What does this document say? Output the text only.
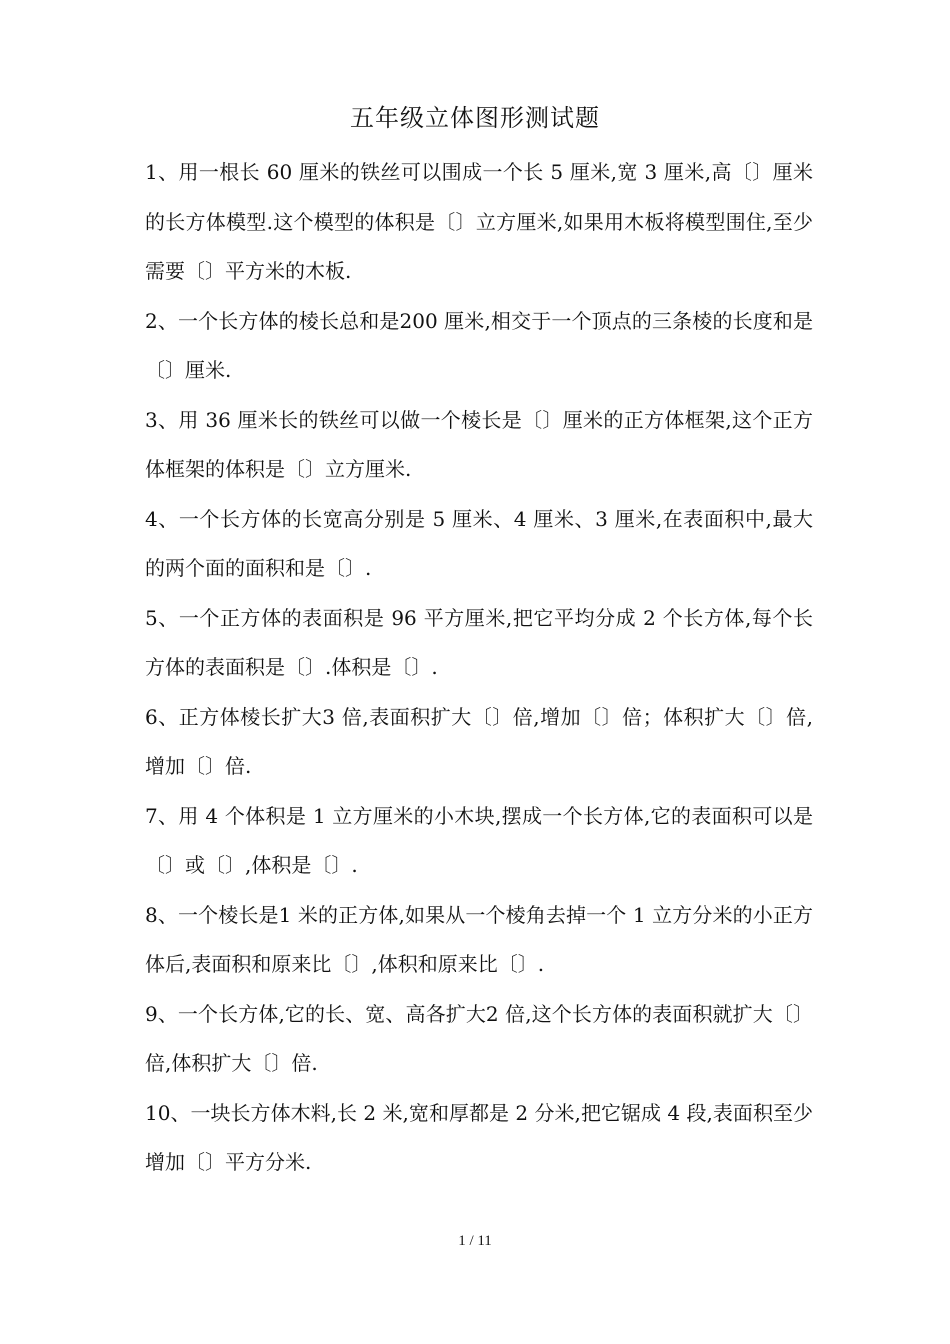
五年级立体图形测试题

1、用一根长 60 厘米的铁丝可以围成一个长 5 厘米,宽 3 厘米,高〔〕厘米的长方体模型.这个模型的体积是〔〕立方厘米,如果用木板将模型围住,至少需要〔〕平方米的木板.

2、一个长方体的棱长总和是200 厘米,相交于一个顶点的三条棱的长度和是〔〕厘米.

3、用 36 厘米长的铁丝可以做一个棱长是〔〕厘米的正方体框架,这个正方体框架的体积是〔〕立方厘米.

4、一个长方体的长宽高分别是 5 厘米、4 厘米、3 厘米,在表面积中,最大的两个面的面积和是〔〕.

5、一个正方体的表面积是 96 平方厘米,把它平均分成 2 个长方体,每个长方体的表面积是〔〕.体积是〔〕.

6、正方体棱长扩大3 倍,表面积扩大〔〕倍,增加〔〕倍；体积扩大〔〕倍,增加〔〕倍.

7、用 4 个体积是 1 立方厘米的小木块,摆成一个长方体,它的表面积可以是〔〕或〔〕,体积是〔〕.

8、一个棱长是1 米的正方体,如果从一个棱角去掉一个 1 立方分米的小正方体后,表面积和原来比〔〕,体积和原来比〔〕.

9、一个长方体,它的长、宽、高各扩大2 倍,这个长方体的表面积就扩大〔〕倍,体积扩大〔〕倍.

10、一块长方体木料,长 2 米,宽和厚都是 2 分米,把它锯成 4 段,表面积至少增加〔〕平方分米.

1 / 11
